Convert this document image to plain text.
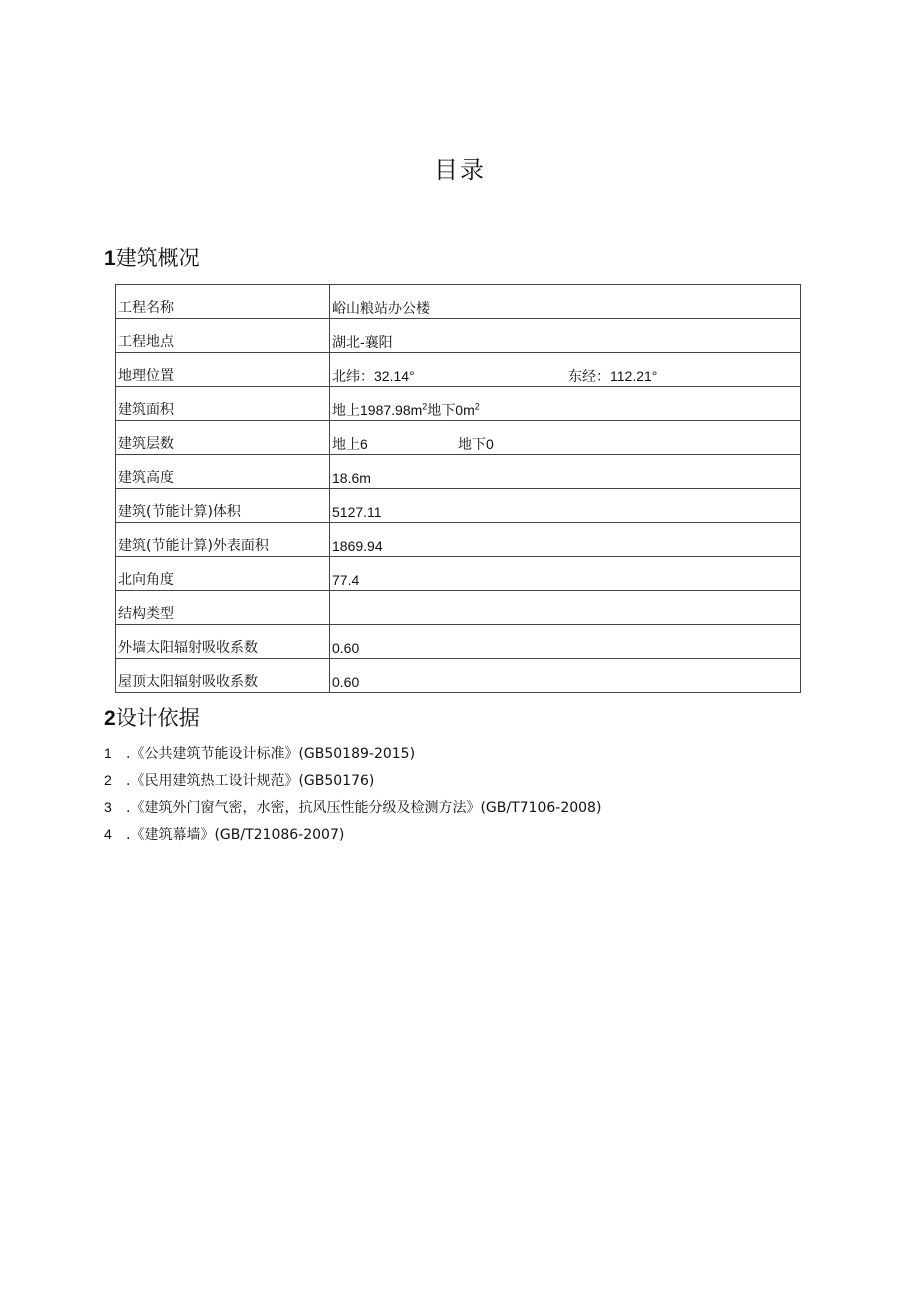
目录
1建筑概况
工程名称	峪山粮站办公楼
工程地点	湖北-襄阳
地理位置	北纬：32.14° 东经：112.21°
建筑面积	地上$1987.98m^2$地下$0m^2$
建筑层数	地上6 地下0
建筑高度	18.6m
建筑(节能计算)体积	5127.11
建筑(节能计算)外表面积	1869.94
北向角度	77.4
结构类型	
外墙太阳辐射吸收系数	0.60
屋顶太阳辐射吸收系数	0.60
2设计依据
1 .《公共建筑节能设计标准》(GB50189-2015)
2 .《民用建筑热工设计规范》(GB50176)
3 .《建筑外门窗气密，水密，抗风压性能分级及检测方法》(GB/T7106-2008)
4 .《建筑幕墙》(GB/T21086-2007)
